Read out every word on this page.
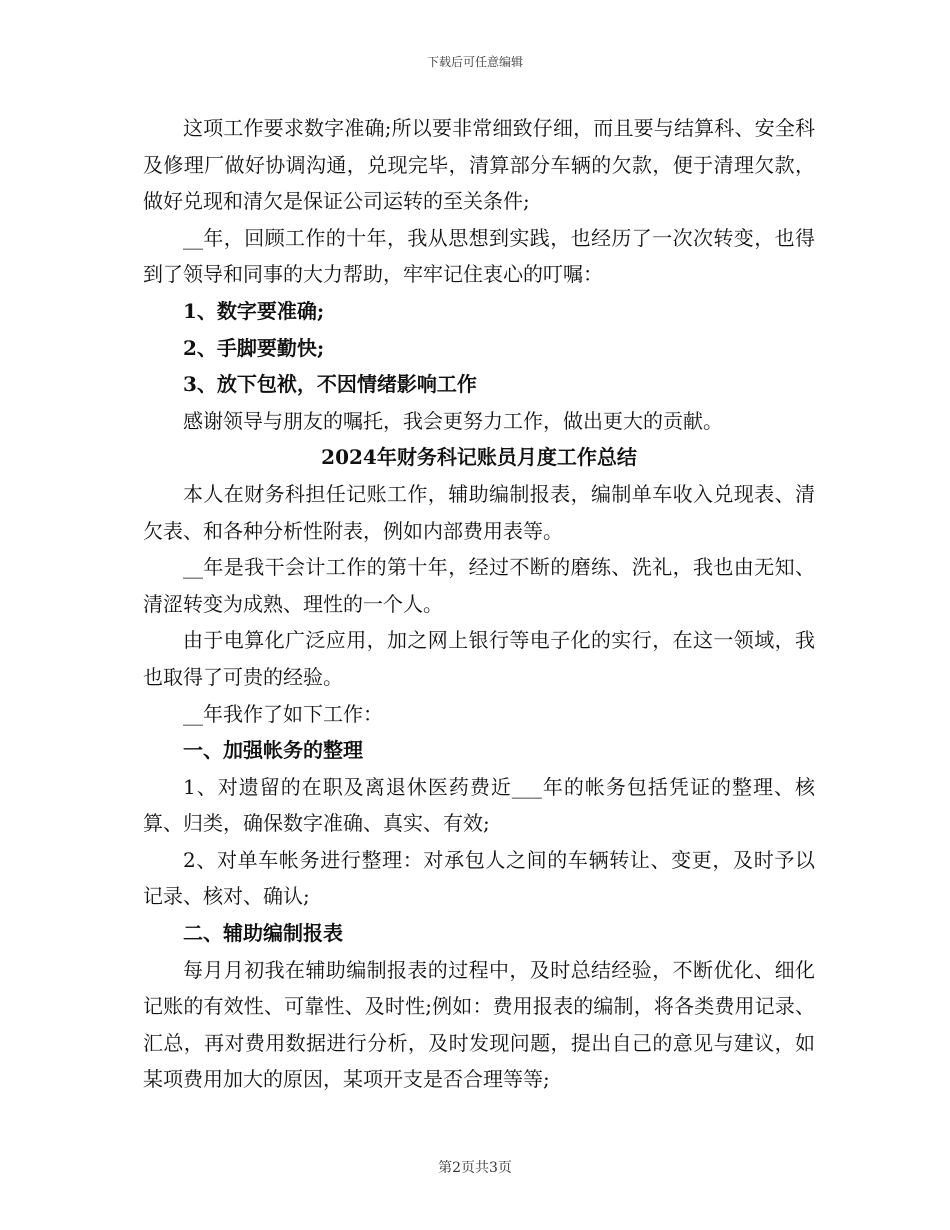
下载后可任意编辑

这项工作要求数字准确;所以要非常细致仔细，而且要与结算科、安全科及修理厂做好协调沟通，兑现完毕，清算部分车辆的欠款，便于清理欠款，做好兑现和清欠是保证公司运转的至关条件;

__年，回顾工作的十年，我从思想到实践，也经历了一次次转变，也得到了领导和同事的大力帮助，牢牢记住衷心的叮嘱：

1、数字要准确;

2、手脚要勤快;

3、放下包袱，不因情绪影响工作

感谢领导与朋友的嘱托，我会更努力工作，做出更大的贡献。

2024年财务科记账员月度工作总结

本人在财务科担任记账工作，辅助编制报表，编制单车收入兑现表、清欠表、和各种分析性附表，例如内部费用表等。

__年是我干会计工作的第十年，经过不断的磨练、洗礼，我也由无知、清涩转变为成熟、理性的一个人。

由于电算化广泛应用，加之网上银行等电子化的实行，在这一领域，我也取得了可贵的经验。

__年我作了如下工作：

一、加强帐务的整理

1、对遗留的在职及离退休医药费近___年的帐务包括凭证的整理、核算、归类，确保数字准确、真实、有效;

2、对单车帐务进行整理：对承包人之间的车辆转让、变更，及时予以记录、核对、确认;

二、辅助编制报表

每月月初我在辅助编制报表的过程中，及时总结经验，不断优化、细化记账的有效性、可靠性、及时性;例如：费用报表的编制，将各类费用记录、汇总，再对费用数据进行分析，及时发现问题，提出自己的意见与建议，如某项费用加大的原因，某项开支是否合理等等;

第2页共3页
